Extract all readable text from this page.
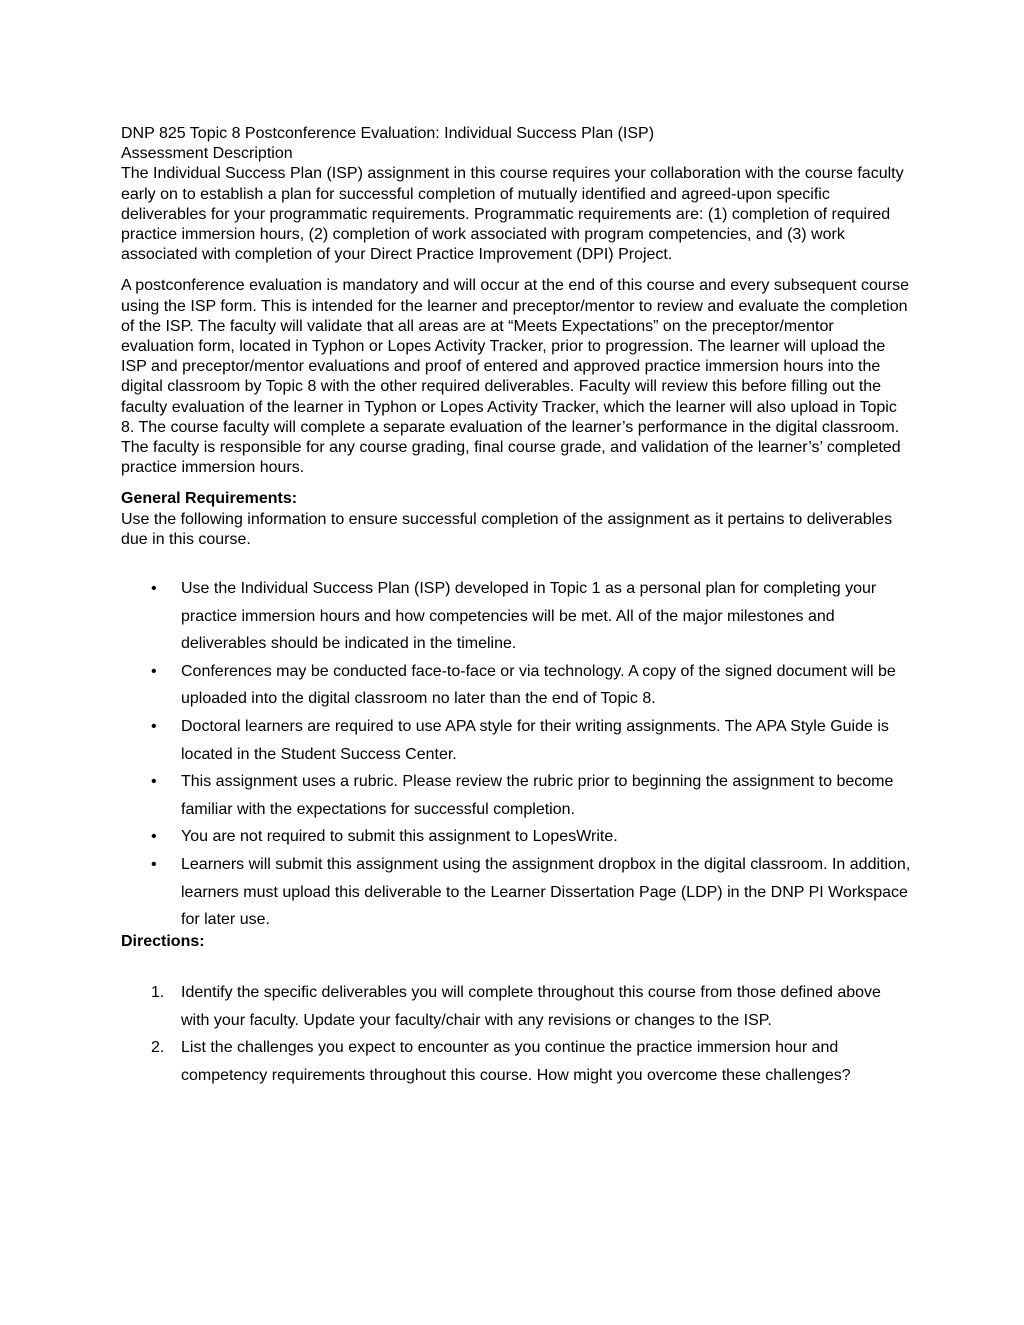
DNP 825 Topic 8 Postconference Evaluation: Individual Success Plan (ISP)

Assessment Description

The Individual Success Plan (ISP) assignment in this course requires your collaboration with the course faculty early on to establish a plan for successful completion of mutually identified and agreed-upon specific deliverables for your programmatic requirements. Programmatic requirements are: (1) completion of required practice immersion hours, (2) completion of work associated with program competencies, and (3) work associated with completion of your Direct Practice Improvement (DPI) Project.

A postconference evaluation is mandatory and will occur at the end of this course and every subsequent course using the ISP form. This is intended for the learner and preceptor/mentor to review and evaluate the completion of the ISP. The faculty will validate that all areas are at “Meets Expectations” on the preceptor/mentor evaluation form, located in Typhon or Lopes Activity Tracker, prior to progression. The learner will upload the ISP and preceptor/mentor evaluations and proof of entered and approved practice immersion hours into the digital classroom by Topic 8 with the other required deliverables. Faculty will review this before filling out the faculty evaluation of the learner in Typhon or Lopes Activity Tracker, which the learner will also upload in Topic 8. The course faculty will complete a separate evaluation of the learner’s performance in the digital classroom. The faculty is responsible for any course grading, final course grade, and validation of the learner’s’ completed practice immersion hours.

General Requirements:

Use the following information to ensure successful completion of the assignment as it pertains to deliverables due in this course.

•	Use the Individual Success Plan (ISP) developed in Topic 1 as a personal plan for completing your practice immersion hours and how competencies will be met. All of the major milestones and deliverables should be indicated in the timeline.
•	Conferences may be conducted face-to-face or via technology. A copy of the signed document will be uploaded into the digital classroom no later than the end of Topic 8.
•	Doctoral learners are required to use APA style for their writing assignments. The APA Style Guide is located in the Student Success Center.
•	This assignment uses a rubric. Please review the rubric prior to beginning the assignment to become familiar with the expectations for successful completion.
•	You are not required to submit this assignment to LopesWrite.
•	Learners will submit this assignment using the assignment dropbox in the digital classroom. In addition, learners must upload this deliverable to the Learner Dissertation Page (LDP) in the DNP PI Workspace for later use.

Directions:

1.	Identify the specific deliverables you will complete throughout this course from those defined above with your faculty. Update your faculty/chair with any revisions or changes to the ISP.
2.	List the challenges you expect to encounter as you continue the practice immersion hour and competency requirements throughout this course. How might you overcome these challenges?
